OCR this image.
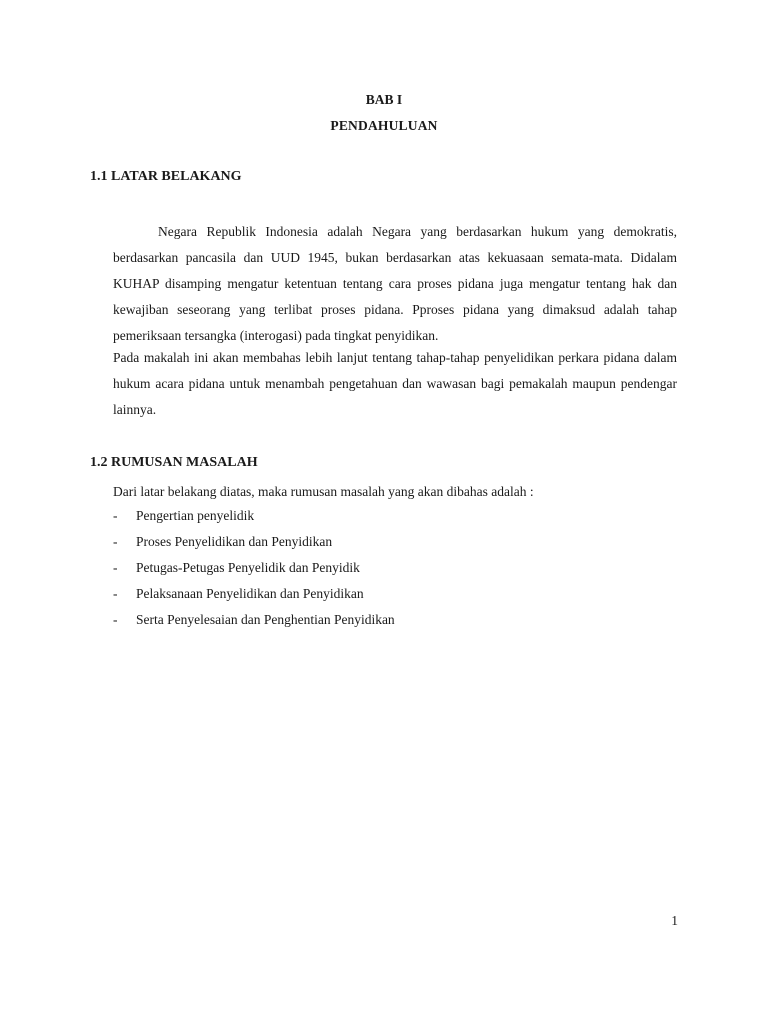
BAB I
PENDAHULUAN
1.1 LATAR BELAKANG

Negara Republik Indonesia adalah Negara yang berdasarkan hukum yang demokratis, berdasarkan pancasila dan UUD 1945, bukan berdasarkan atas kekuasaan semata-mata. Didalam KUHAP disamping mengatur ketentuan tentang cara proses pidana juga mengatur tentang hak dan kewajiban seseorang yang terlibat proses pidana. Pproses pidana yang dimaksud adalah tahap pemeriksaan tersangka (interogasi) pada tingkat penyidikan.

Pada makalah ini akan membahas lebih lanjut tentang tahap-tahap penyelidikan perkara pidana dalam hukum acara pidana untuk menambah pengetahuan dan wawasan bagi pemakalah maupun pendengar lainnya.

1.2 RUMUSAN MASALAH
Dari latar belakang diatas, maka rumusan masalah yang akan dibahas adalah :
-	Pengertian penyelidik
-	Proses Penyelidikan dan Penyidikan
-	Petugas-Petugas Penyelidik dan Penyidik
-	Pelaksanaan Penyelidikan dan Penyidikan
-	Serta Penyelesaian dan Penghentian Penyidikan
1
